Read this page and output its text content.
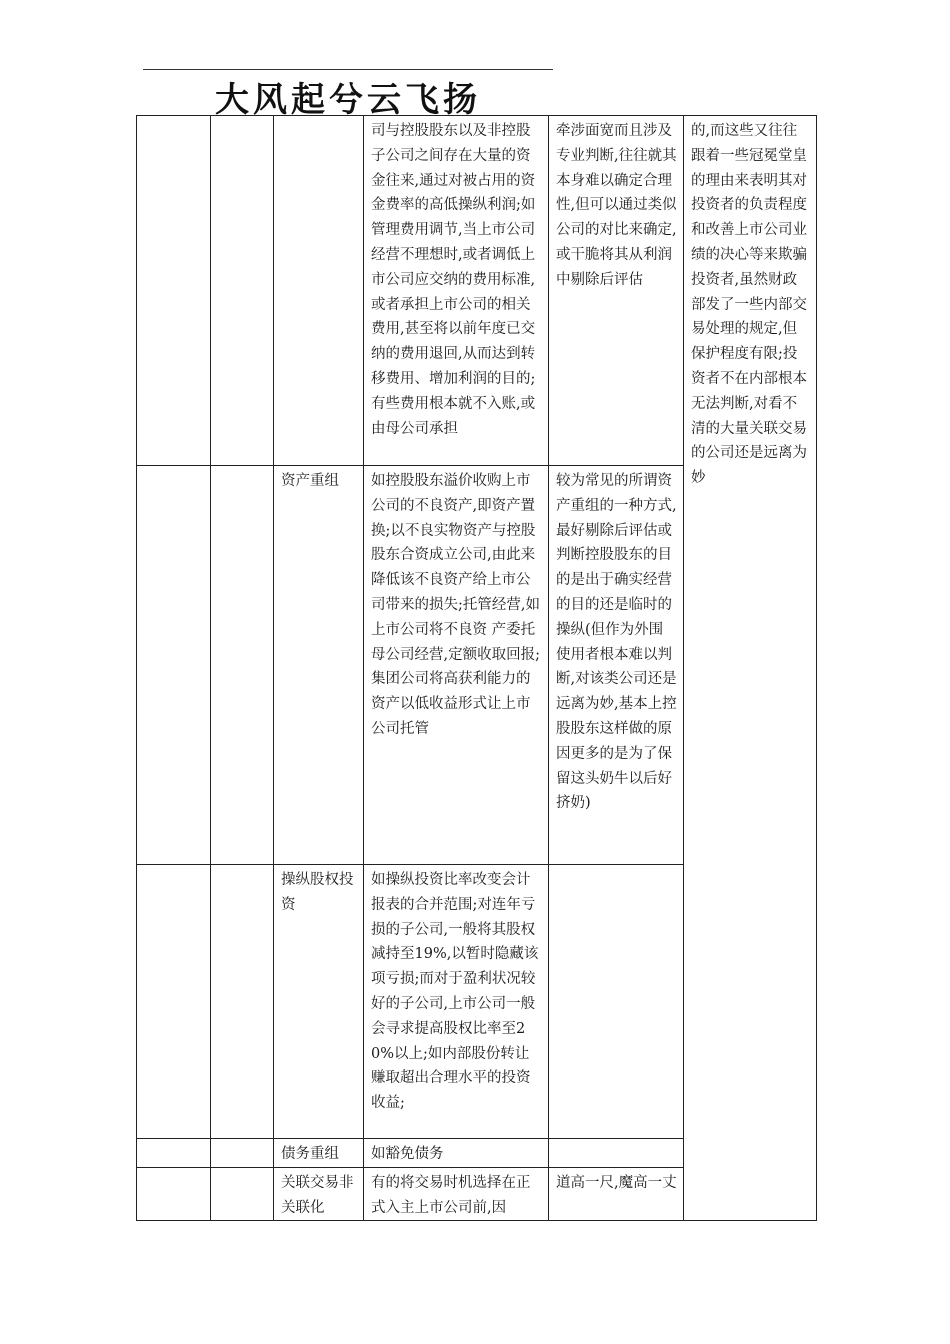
大风起兮云飞扬
			司与控股股东以及非控股子公司之间存在大量的资金往来,通过对被占用的资金费率的高低操纵利润;如管理费用调节,当上市公司经营不理想时,或者调低上市公司应交纳的费用标准,或者承担上市公司的相关费用,甚至将以前年度已交纳的费用退回,从而达到转移费用、增加利润的目的;有些费用根本就不入账,或由母公司承担	牵涉面宽而且涉及专业判断,往往就其本身难以确定合理性,但可以通过类似公司的对比来确定,或干脆将其从利润中剔除后评估	的,而这些又往往跟着一些冠冕堂皇的理由来表明其对投资者的负责程度和改善上市公司业绩的决心等来欺骗投资者,虽然财政部发了一些内部交易处理的规定,但保护程度有限;投资者不在内部根本无法判断,对看不清的大量关联交易的公司还是远离为妙
		资产重组	如控股股东溢价收购上市公司的不良资产,即资产置换;以不良实物资产与控股股东合资成立公司,由此来降低该不良资产给上市公司带来的损失;托管经营,如上市公司将不良资 产委托母公司经营,定额收取回报;集团公司将高获利能力的资产以低收益形式让上市公司托管	较为常见的所谓资产重组的一种方式,最好剔除后评估或判断控股股东的目的是出于确实经营的目的还是临时的操纵(但作为外围使用者根本难以判断,对该类公司还是远离为妙,基本上控股股东这样做的原因更多的是为了保留这头奶牛以后好挤奶)	
		操纵股权投资	如操纵投资比率改变会计报表的合并范围;对连年亏损的子公司,一般将其股权减持至19%,以暂时隐藏该项亏损;而对于盈利状况较好的子公司,上市公司一般会寻求提高股权比率至20%以上;如内部股份转让赚取超出合理水平的投资收益;		
		债务重组	如豁免债务		
		关联交易非关联化	有的将交易时机选择在正式入主上市公司前,因	道高一尺,魔高一丈	
